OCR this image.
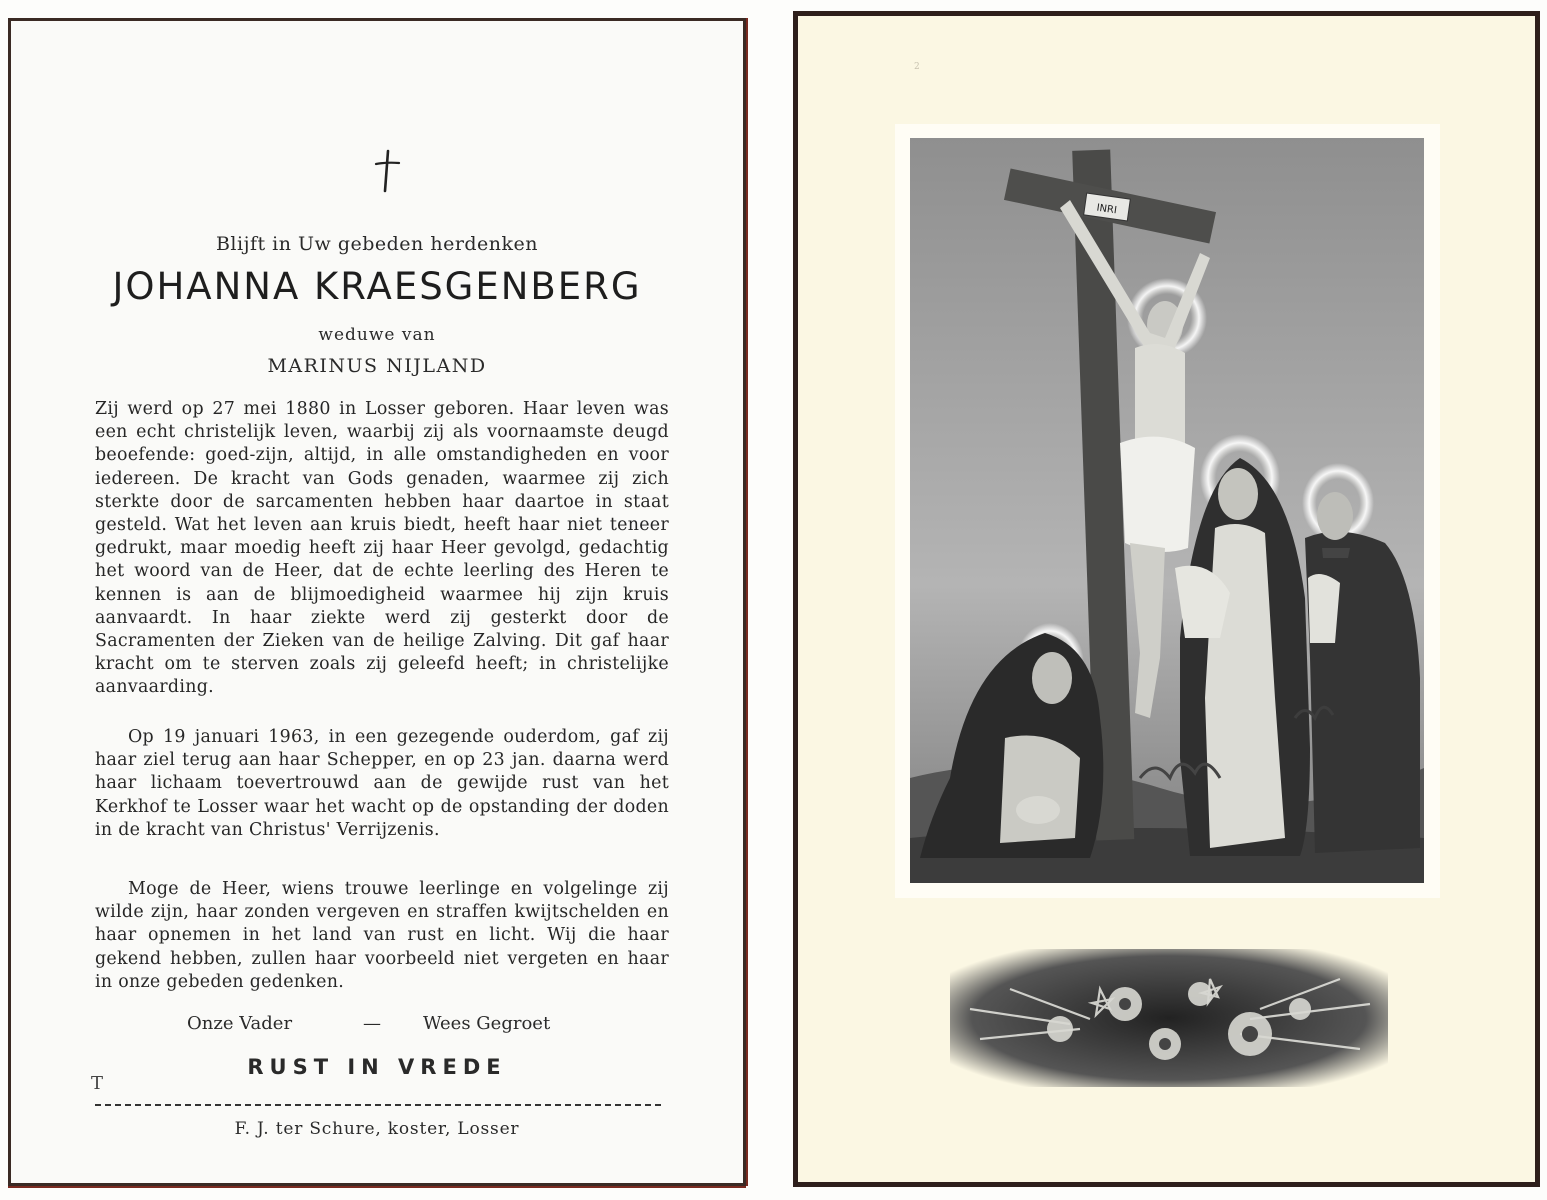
Blijft in Uw gebeden herdenken
JOHANNA KRAESGENBERG
weduwe van
MARINUS NIJLAND

Zij werd op 27 mei 1880 in Losser geboren. Haar leven was een echt christelijk leven, waarbij zij als voornaamste deugd beoefende: goed-zijn, altijd, in alle omstandigheden en voor iedereen. De kracht van Gods genaden, waarmee zij zich sterkte door de sarcamenten hebben haar daartoe in staat gesteld. Wat het leven aan kruis biedt, heeft haar niet teneer gedrukt, maar moedig heeft zij haar Heer gevolgd, gedachtig het woord van de Heer, dat de echte leerling des Heren te kennen is aan de blijmoedigheid waarmee hij zijn kruis aanvaardt. In haar ziekte werd zij gesterkt door de Sacramenten der Zieken van de heilige Zalving. Dit gaf haar kracht om te sterven zoals zij geleefd heeft; in christelijke aanvaarding.

Op 19 januari 1963, in een gezegende ouderdom, gaf zij haar ziel terug aan haar Schepper, en op 23 jan. daarna werd haar lichaam toevertrouwd aan de gewijde rust van het Kerkhof te Losser waar het wacht op de opstanding der doden in de kracht van Christus' Verrijzenis.

Moge de Heer, wiens trouwe leerlinge en volgelinge zij wilde zijn, haar zonden vergeven en straffen kwijtschelden en haar opnemen in het land van rust en licht. Wij die haar gekend hebben, zullen haar voorbeeld niet vergeten en haar in onze gebeden gedenken.

Onze Vader	— Wees Gegroet
RUST IN VREDE
T
F. J. ter Schure, koster, Losser
2
INRI
